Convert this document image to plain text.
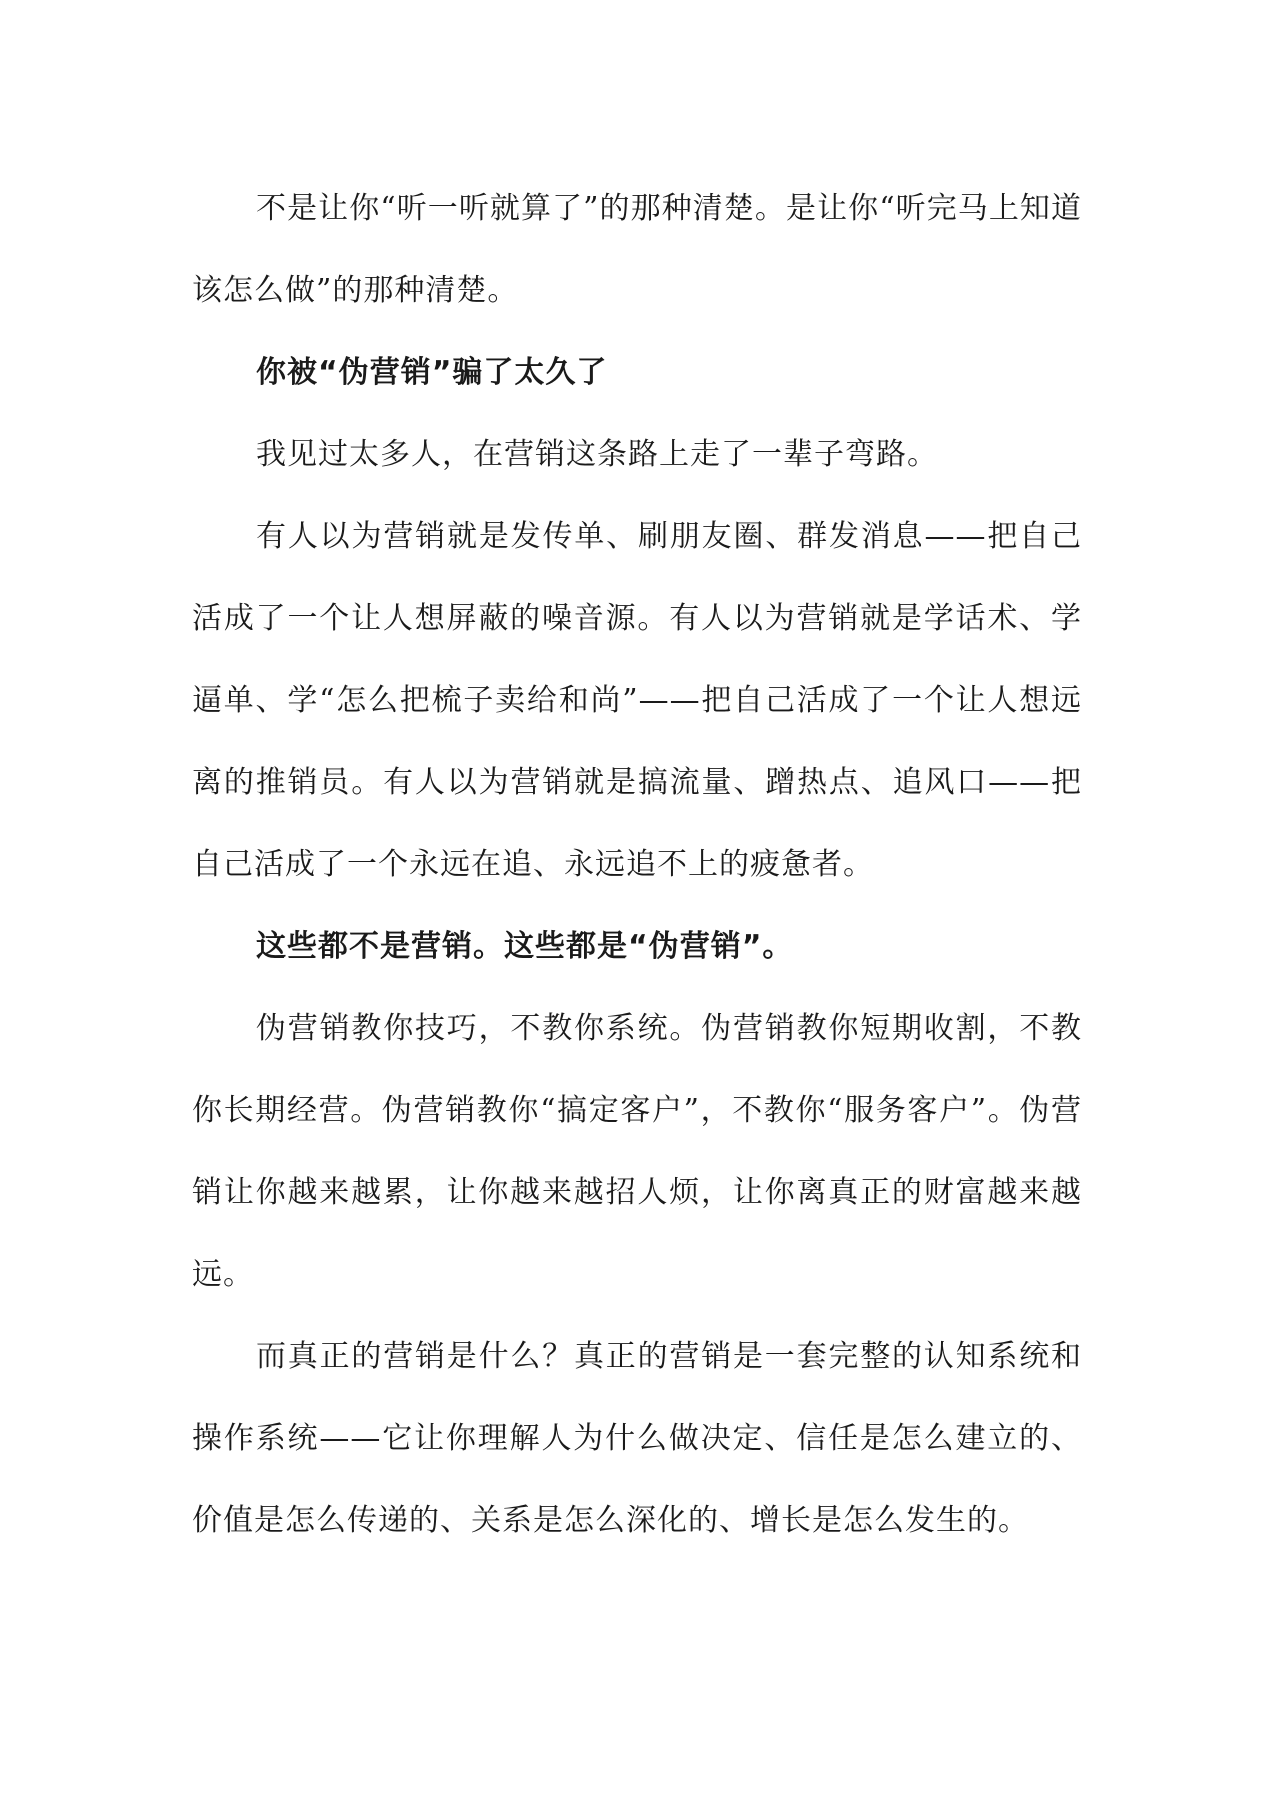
不是让你“听一听就算了”的那种清楚。是让你“听完马上知道该怎么做”的那种清楚。

你被“伪营销”骗了太久了

我见过太多人，在营销这条路上走了一辈子弯路。

有人以为营销就是发传单、刷朋友圈、群发消息——把自己活成了一个让人想屏蔽的噪音源。有人以为营销就是学话术、学逼单、学“怎么把梳子卖给和尚”——把自己活成了一个让人想远离的推销员。有人以为营销就是搞流量、蹭热点、追风口——把自己活成了一个永远在追、永远追不上的疲惫者。

这些都不是营销。这些都是“伪营销”。

伪营销教你技巧，不教你系统。伪营销教你短期收割，不教你长期经营。伪营销教你“搞定客户”，不教你“服务客户”。伪营销让你越来越累，让你越来越招人烦，让你离真正的财富越来越远。

而真正的营销是什么？真正的营销是一套完整的认知系统和操作系统——它让你理解人为什么做决定、信任是怎么建立的、价值是怎么传递的、关系是怎么深化的、增长是怎么发生的。
